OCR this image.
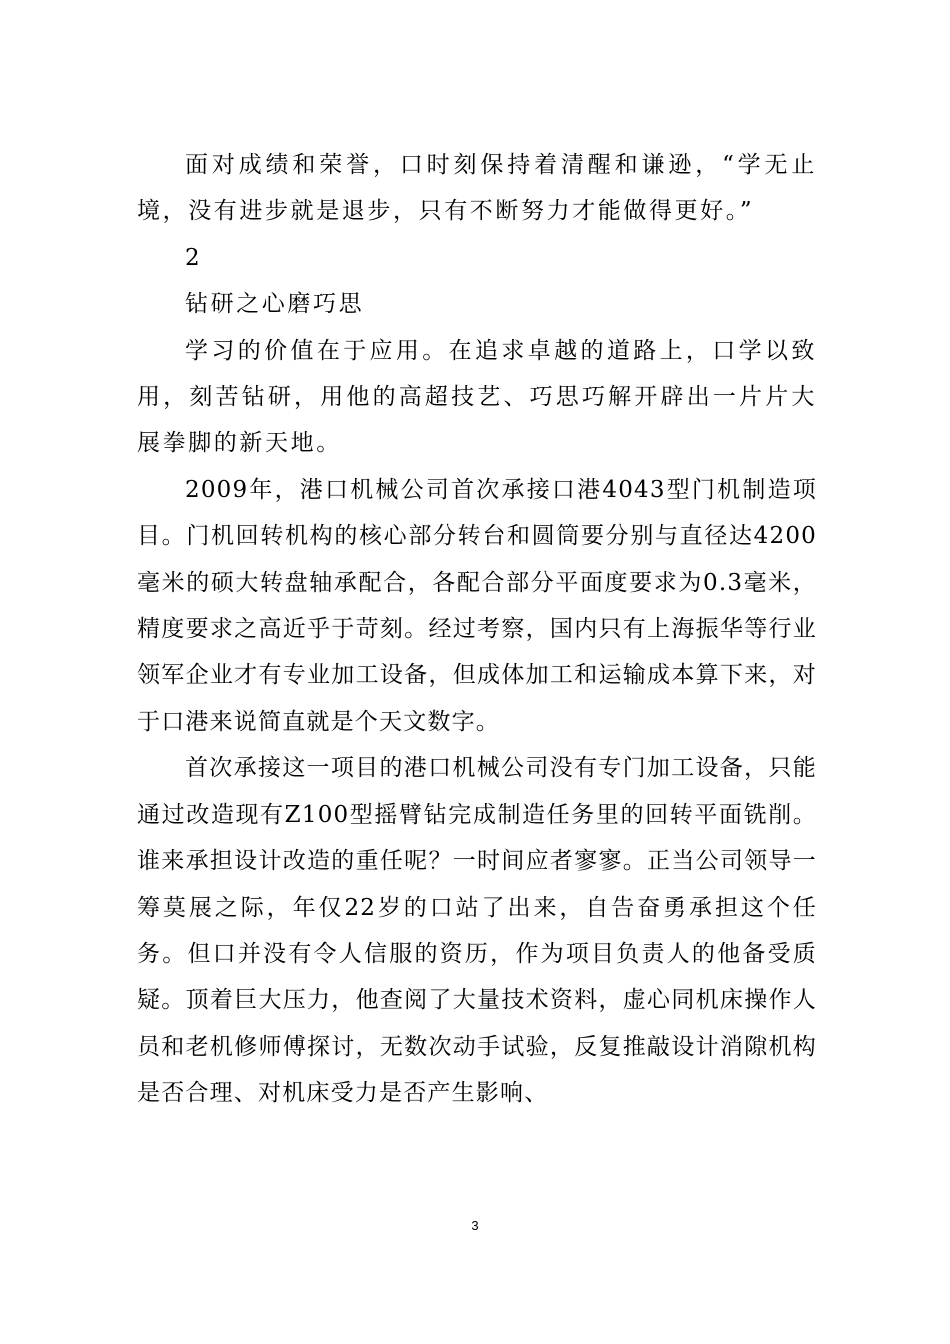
面对成绩和荣誉，口时刻保持着清醒和谦逊，“学无止境，没有进步就是退步，只有不断努力才能做得更好。”

2

钻研之心磨巧思

学习的价值在于应用。在追求卓越的道路上，口学以致用，刻苦钻研，用他的高超技艺、巧思巧解开辟出一片片大展拳脚的新天地。

2009年，港口机械公司首次承接口港4043型门机制造项目。门机回转机构的核心部分转台和圆筒要分别与直径达4200毫米的硕大转盘轴承配合，各配合部分平面度要求为0.3毫米，精度要求之高近乎于苛刻。经过考察，国内只有上海振华等行业领军企业才有专业加工设备，但成体加工和运输成本算下来，对于口港来说简直就是个天文数字。

首次承接这一项目的港口机械公司没有专门加工设备，只能通过改造现有Z100型摇臂钻完成制造任务里的回转平面铣削。谁来承担设计改造的重任呢？一时间应者寥寥。正当公司领导一筹莫展之际，年仅22岁的口站了出来，自告奋勇承担这个任务。但口并没有令人信服的资历，作为项目负责人的他备受质疑。顶着巨大压力，他查阅了大量技术资料，虚心同机床操作人员和老机修师傅探讨，无数次动手试验，反复推敲设计消隙机构是否合理、对机床受力是否产生影响、

3
